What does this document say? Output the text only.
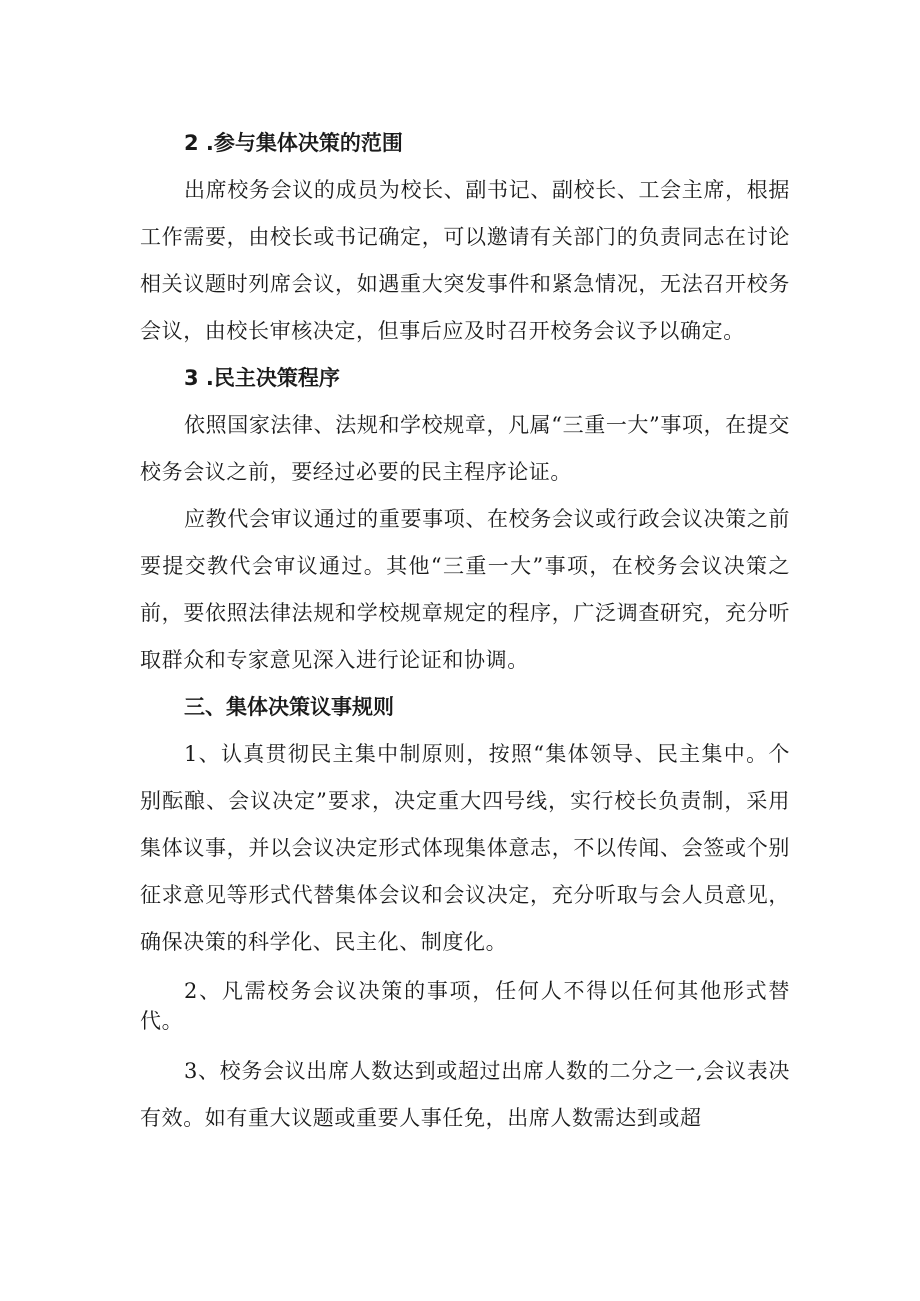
2 .参与集体决策的范围

出席校务会议的成员为校长、副书记、副校长、工会主席，根据工作需要，由校长或书记确定，可以邀请有关部门的负责同志在讨论相关议题时列席会议，如遇重大突发事件和紧急情况，无法召开校务会议，由校长审核决定，但事后应及时召开校务会议予以确定。

3 .民主决策程序

依照国家法律、法规和学校规章，凡属“三重一大”事项，在提交校务会议之前，要经过必要的民主程序论证。

应教代会审议通过的重要事项、在校务会议或行政会议决策之前要提交教代会审议通过。其他“三重一大”事项，在校务会议决策之前，要依照法律法规和学校规章规定的程序，广泛调查研究，充分听取群众和专家意见深入进行论证和协调。

三、集体决策议事规则

1、认真贯彻民主集中制原则，按照“集体领导、民主集中。个别酝酿、会议决定”要求，决定重大四号线，实行校长负责制，采用集体议事，并以会议决定形式体现集体意志，不以传闻、会签或个别征求意见等形式代替集体会议和会议决定，充分听取与会人员意见，确保决策的科学化、民主化、制度化。

2、凡需校务会议决策的事项，任何人不得以任何其他形式替代。

3、校务会议出席人数达到或超过出席人数的二分之一,会议表决有效。如有重大议题或重要人事任免，出席人数需达到或超
